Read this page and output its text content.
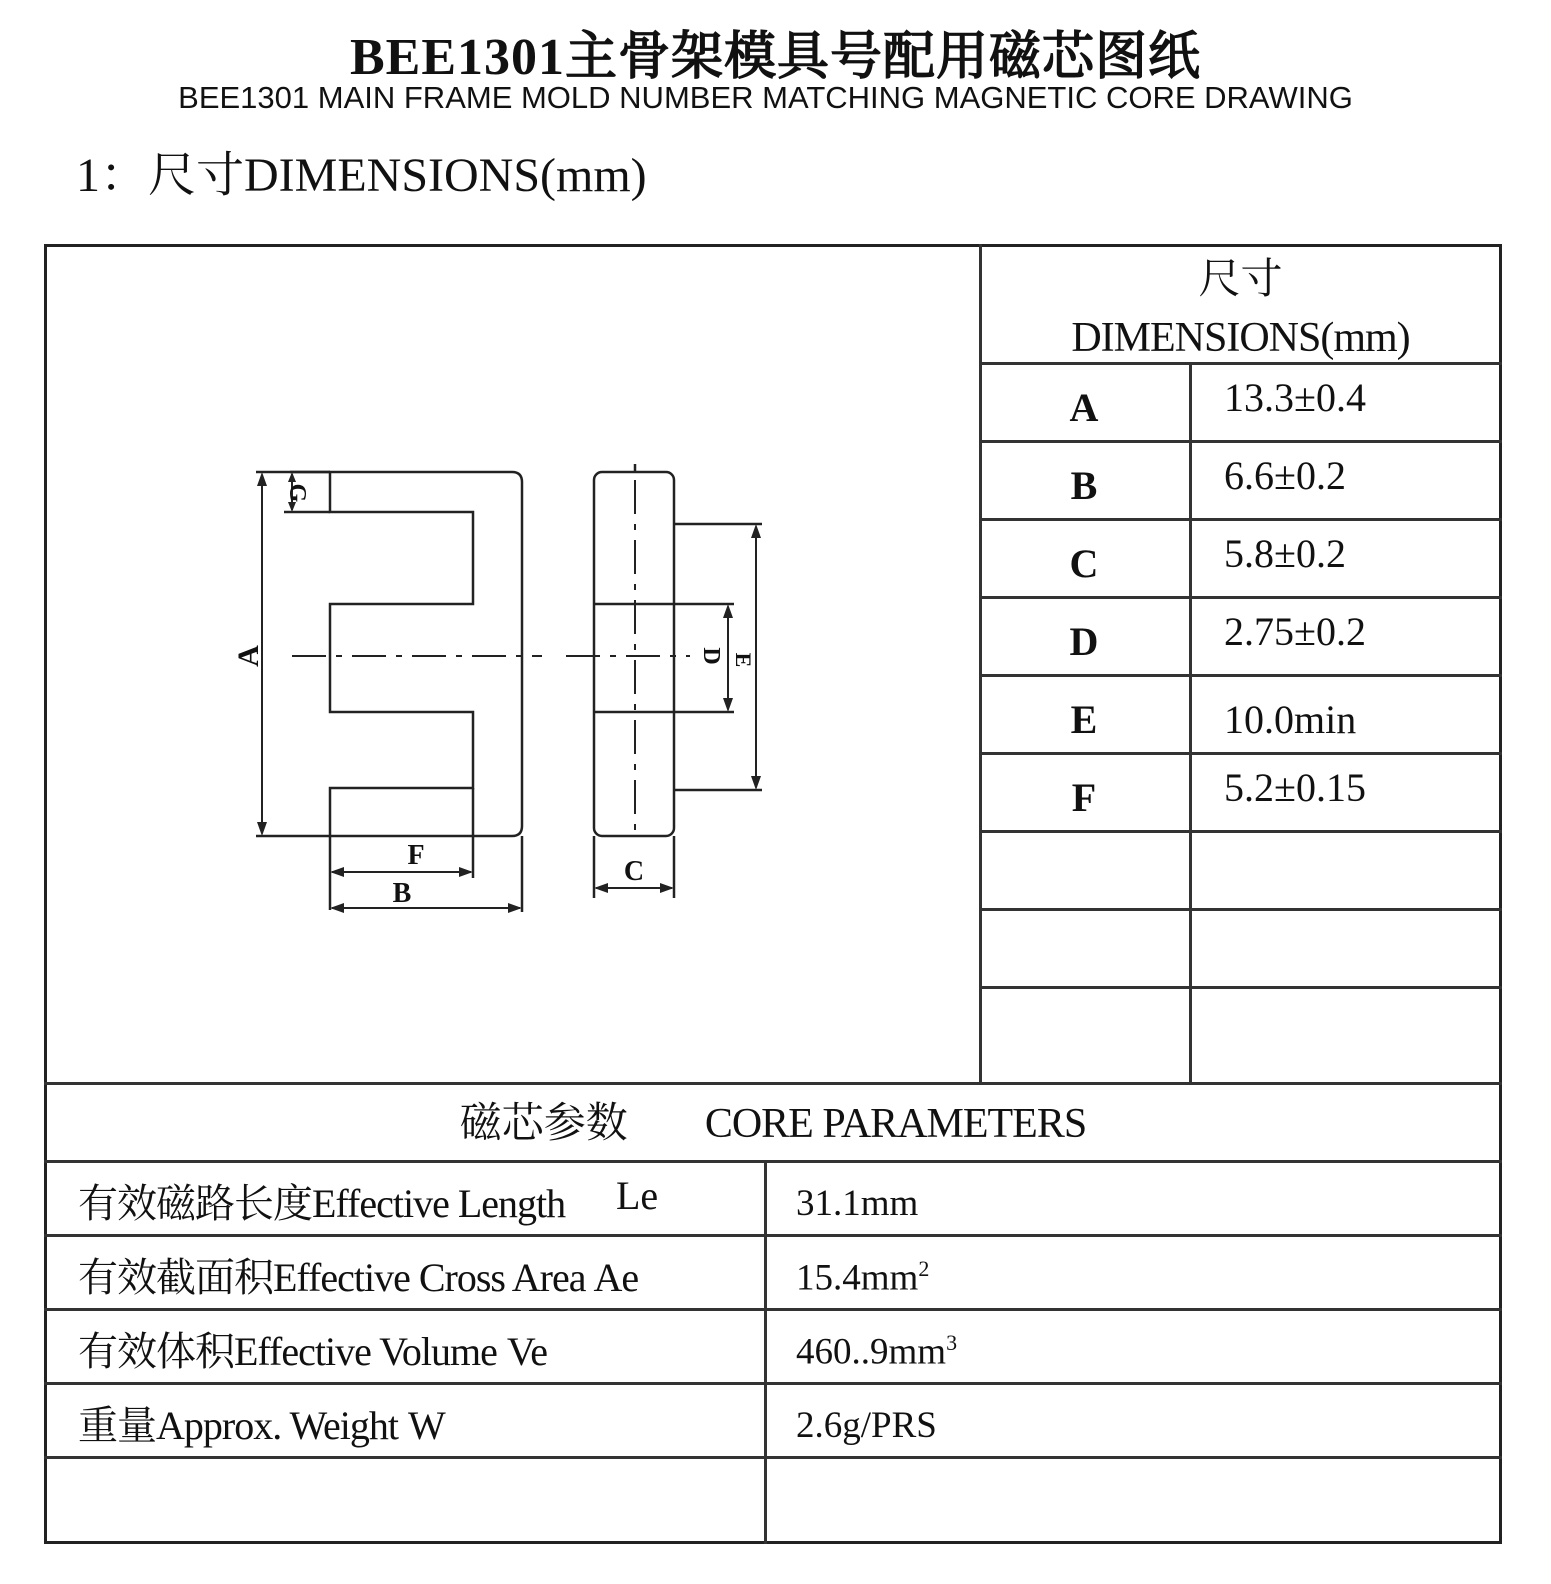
BEE1301主骨架模具号配用磁芯图纸
BEE1301 MAIN FRAME MOLD NUMBER MATCHING MAGNETIC CORE DRAWING
1：尺寸DIMENSIONS(mm)
尺寸
DIMENSIONS(mm)
A	13.3±0.4
B	6.6±0.2
C	5.8±0.2
D	2.75±0.2
E	10.0min
F	5.2±0.15
磁芯参数 CORE PARAMETERS
有效磁路长度Effective Length Le	31.1mm
有效截面积Effective Cross Area Ae	$15.4mm^2$
有效体积Effective Volume Ve	$460..9mm^3$
重量Approx. Weight W	2.6g/PRS
A
G
F
B
C
D E
